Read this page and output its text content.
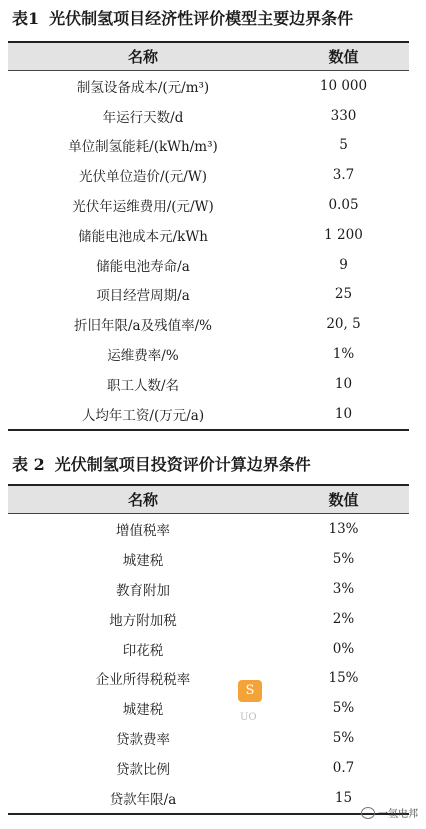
表1 光伏制氢项目经济性评价模型主要边界条件
名称	数值
制氢设备成本/(元/m³)	10 000
年运行天数/d	330
单位制氢能耗/(kWh/m³)	5
光伏单位造价/(元/W)	3.7
光伏年运维费用/(元/W)	0.05
储能电池成本元/kWh	1 200
储能电池寿命/a	9
项目经营周期/a	25
折旧年限/a及残值率/%	20, 5
运维费率/%	1%
职工人数/名	10
人均年工资/(万元/a)	10
表 2 光伏制氢项目投资评价计算边界条件
名称	数值
增值税率	13%
城建税	5%
教育附加	3%
地方附加税	2%
印花税	0%
企业所得税税率	15%
城建税	5%
贷款费率	5%
贷款比例	0.7
贷款年限/a	15
S
UO
一氢电邦
